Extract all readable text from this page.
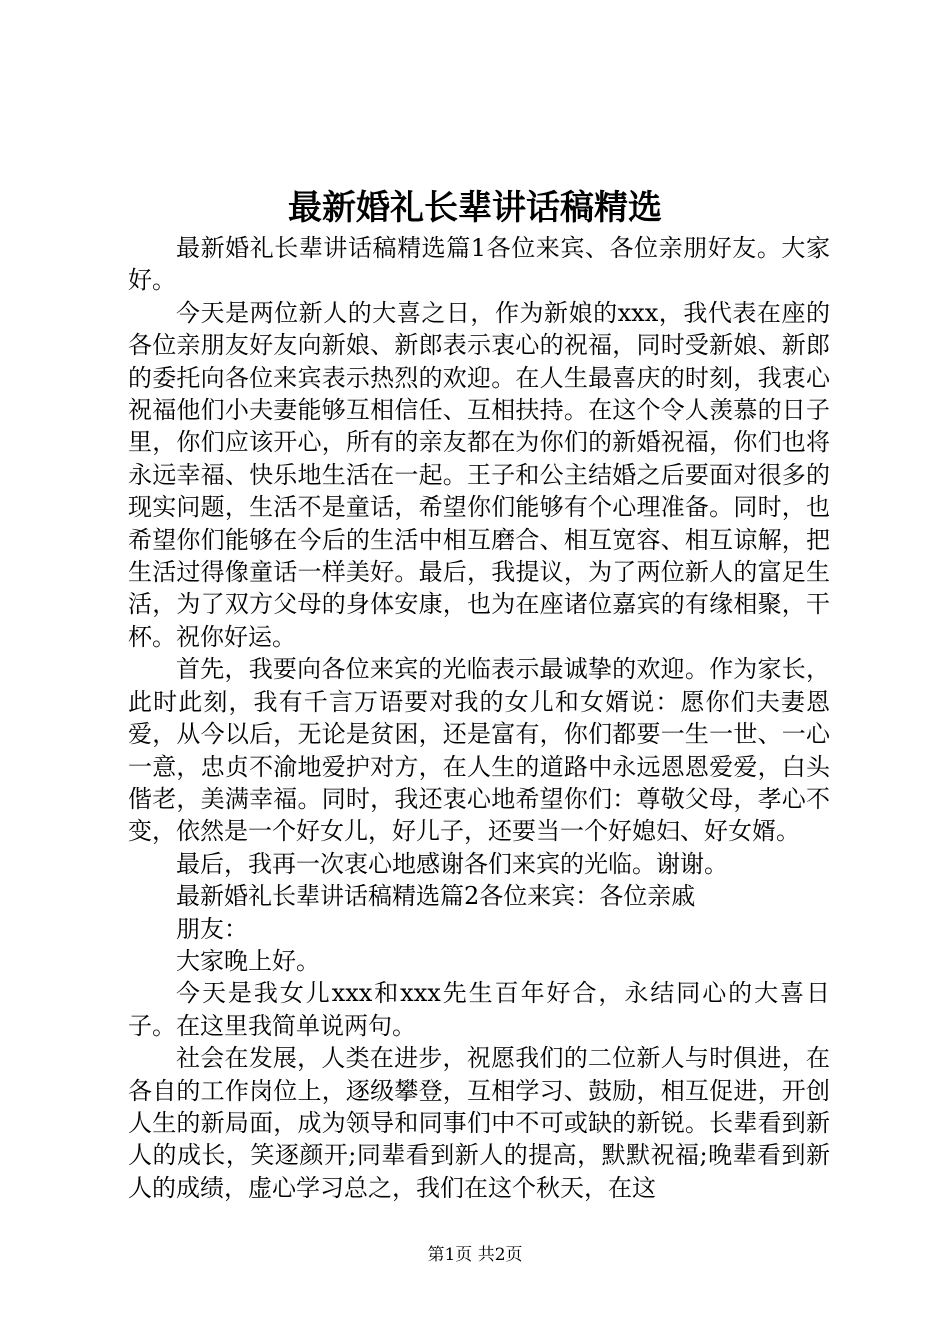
最新婚礼长辈讲话稿精选

最新婚礼长辈讲话稿精选篇1各位来宾、各位亲朋好友。大家好。

今天是两位新人的大喜之日，作为新娘的xxx，我代表在座的各位亲朋友好友向新娘、新郎表示衷心的祝福，同时受新娘、新郎的委托向各位来宾表示热烈的欢迎。在人生最喜庆的时刻，我衷心祝福他们小夫妻能够互相信任、互相扶持。在这个令人羡慕的日子里，你们应该开心，所有的亲友都在为你们的新婚祝福，你们也将永远幸福、快乐地生活在一起。王子和公主结婚之后要面对很多的现实问题，生活不是童话，希望你们能够有个心理准备。同时，也希望你们能够在今后的生活中相互磨合、相互宽容、相互谅解，把生活过得像童话一样美好。最后，我提议，为了两位新人的富足生活，为了双方父母的身体安康，也为在座诸位嘉宾的有缘相聚，干杯。祝你好运。

首先，我要向各位来宾的光临表示最诚挚的欢迎。作为家长，此时此刻，我有千言万语要对我的女儿和女婿说：愿你们夫妻恩爱，从今以后，无论是贫困，还是富有，你们都要一生一世、一心一意，忠贞不渝地爱护对方，在人生的道路中永远恩恩爱爱，白头偕老，美满幸福。同时，我还衷心地希望你们：尊敬父母，孝心不变，依然是一个好女儿，好儿子，还要当一个好媳妇、好女婿。

最后，我再一次衷心地感谢各们来宾的光临。谢谢。

最新婚礼长辈讲话稿精选篇2各位来宾：各位亲戚

朋友：

大家晚上好。

今天是我女儿xxx和xxx先生百年好合，永结同心的大喜日子。在这里我简单说两句。

社会在发展，人类在进步，祝愿我们的二位新人与时俱进，在各自的工作岗位上，逐级攀登，互相学习、鼓励，相互促进，开创人生的新局面，成为领导和同事们中不可或缺的新锐。长辈看到新人的成长，笑逐颜开;同辈看到新人的提高，默默祝福;晚辈看到新人的成绩，虚心学习总之，我们在这个秋天，在这

第1页 共2页
